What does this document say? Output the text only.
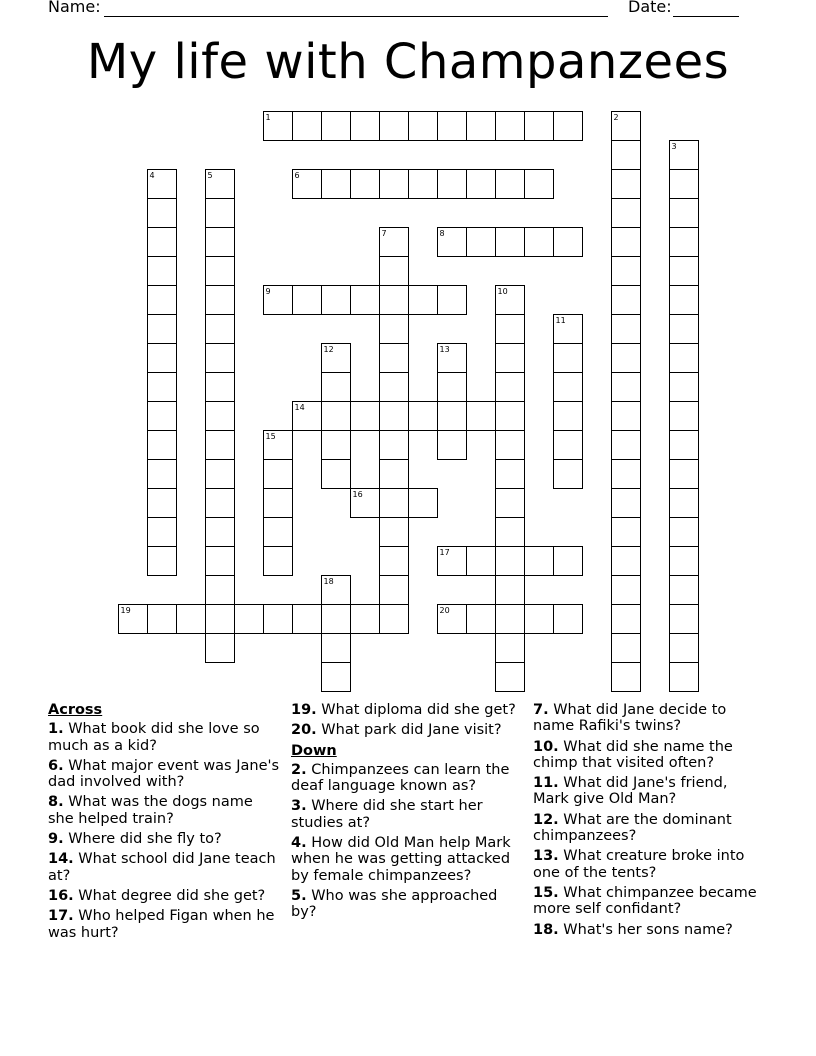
Name:	Date:
My life with Champanzees
1	2
3
4	5	6
7	8
9	10
11
12	13
14
15
16
17
18
19	20
Across
1. What book did she love so much as a kid?
6. What major event was Jane's dad involved with?
8. What was the dogs name she helped train?
9. Where did she fly to?
14. What school did Jane teach at?
16. What degree did she get?
17. Who helped Figan when he was hurt?
19. What diploma did she get?
20. What park did Jane visit?
Down
2. Chimpanzees can learn the deaf language known as?
3. Where did she start her studies at?
4. How did Old Man help Mark when he was getting attacked by female chimpanzees?
5. Who was she approached by?
7. What did Jane decide to name Rafiki's twins?
10. What did she name the chimp that visited often?
11. What did Jane's friend, Mark give Old Man?
12. What are the dominant chimpanzees?
13. What creature broke into one of the tents?
15. What chimpanzee became more self confidant?
18. What's her sons name?
